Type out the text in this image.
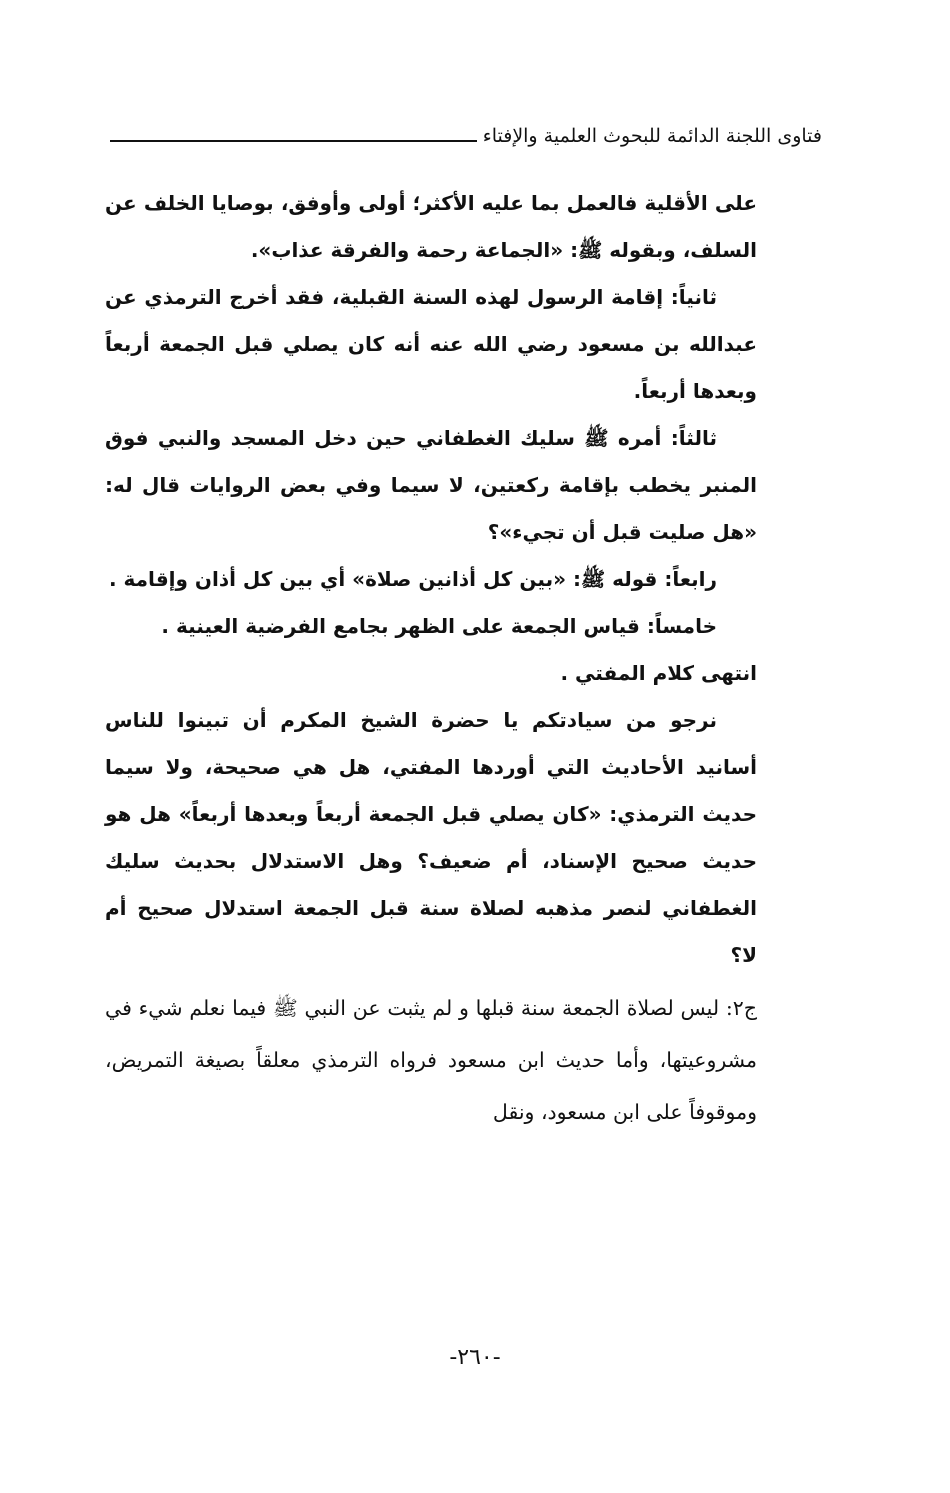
فتاوى اللجنة الدائمة للبحوث العلمية والإفتاء

على الأقلية فالعمل بما عليه الأكثر؛ أولى وأوفق، بوصايا الخلف عن السلف، وبقوله ﷺ: «الجماعة رحمة والفرقة عذاب».

ثانياً: إقامة الرسول لهذه السنة القبلية، فقد أخرج الترمذي عن عبدالله بن مسعود رضي الله عنه أنه كان يصلي قبل الجمعة أربعاً وبعدها أربعاً.

ثالثاً: أمره ﷺ سليك الغطفاني حين دخل المسجد والنبي فوق المنبر يخطب بإقامة ركعتين، لا سيما وفي بعض الروايات قال له: «هل صليت قبل أن تجيء»؟

رابعاً: قوله ﷺ: «بين كل أذانين صلاة» أي بين كل أذان وإقامة .

خامساً: قياس الجمعة على الظهر بجامع الفرضية العينية .

انتهى كلام المفتي .

نرجو من سيادتكم يا حضرة الشيخ المكرم أن تبينوا للناس أسانيد الأحاديث التي أوردها المفتي، هل هي صحيحة، ولا سيما حديث الترمذي: «كان يصلي قبل الجمعة أربعاً وبعدها أربعاً» هل هو حديث صحيح الإسناد، أم ضعيف؟ وهل الاستدلال بحديث سليك الغطفاني لنصر مذهبه لصلاة سنة قبل الجمعة استدلال صحيح أم لا؟

ج٢: ليس لصلاة الجمعة سنة قبلها و لم يثبت عن النبي ﷺ فيما نعلم شيء في مشروعيتها، وأما حديث ابن مسعود فرواه الترمذي معلقاً بصيغة التمريض، وموقوفاً على ابن مسعود، ونقل

-٢٦٠-
